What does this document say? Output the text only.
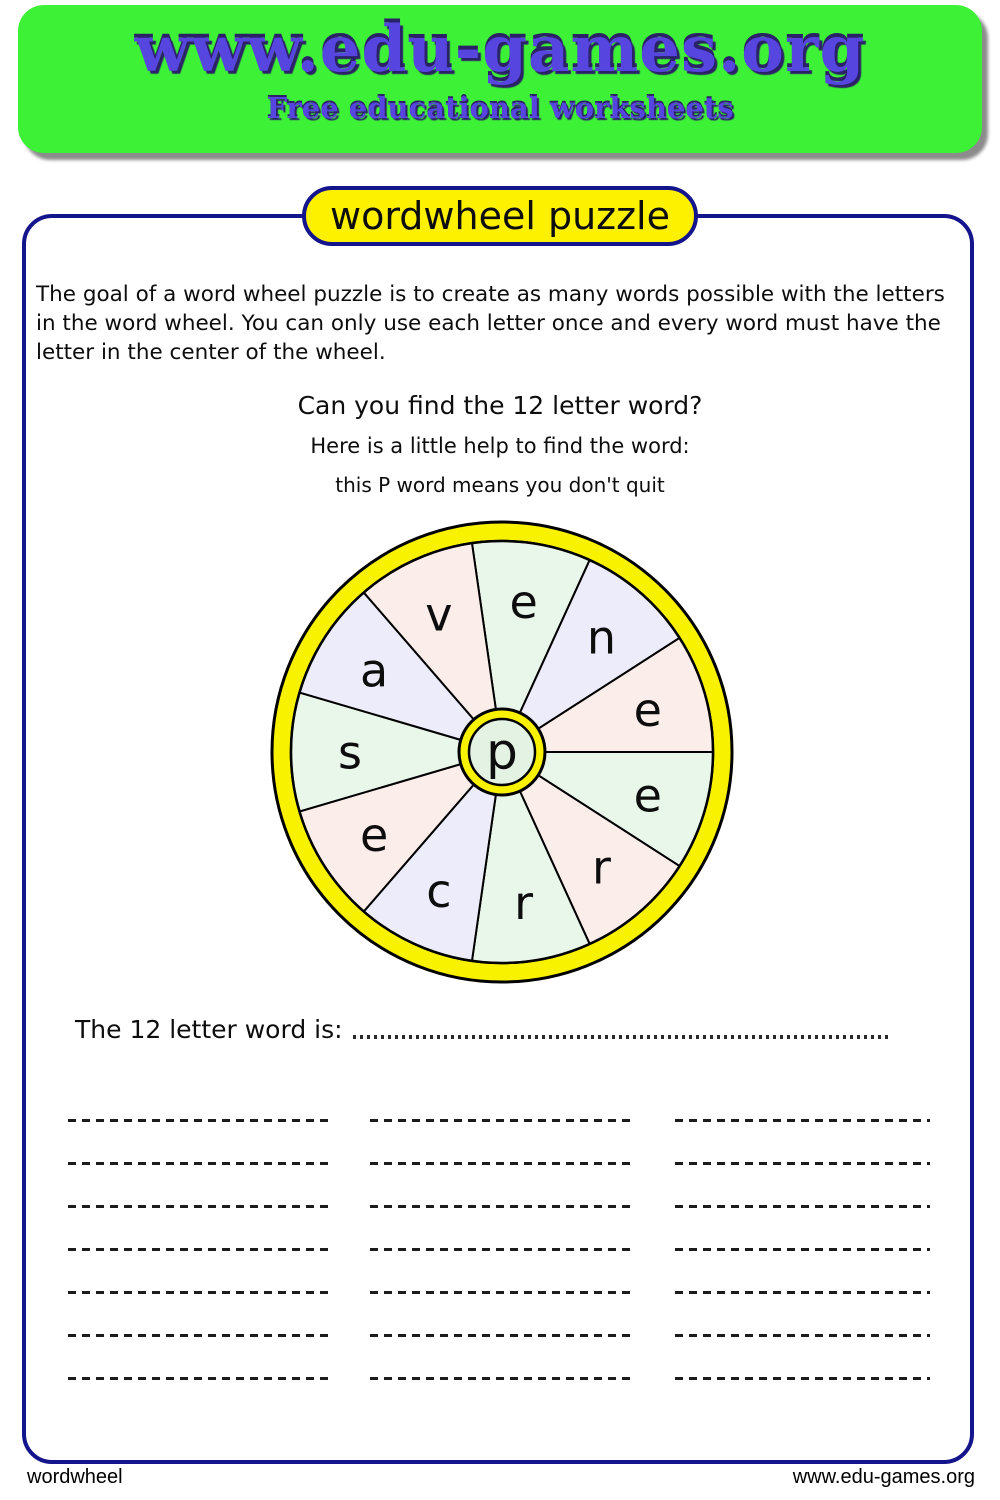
www.edu-games.org
Free educational worksheets
wordwheel puzzle
The goal of a word wheel puzzle is to create as many words possible with the letters in the word wheel. You can only use each letter once and every word must have the letter in the center of the wheel.
Can you find the 12 letter word?
Here is a little help to find the word:
this P word means you don't quit
e
n
e
e
r
r
c
e
s
a
v
p
The 12 letter word is:
wordwheel	www.edu-games.org
